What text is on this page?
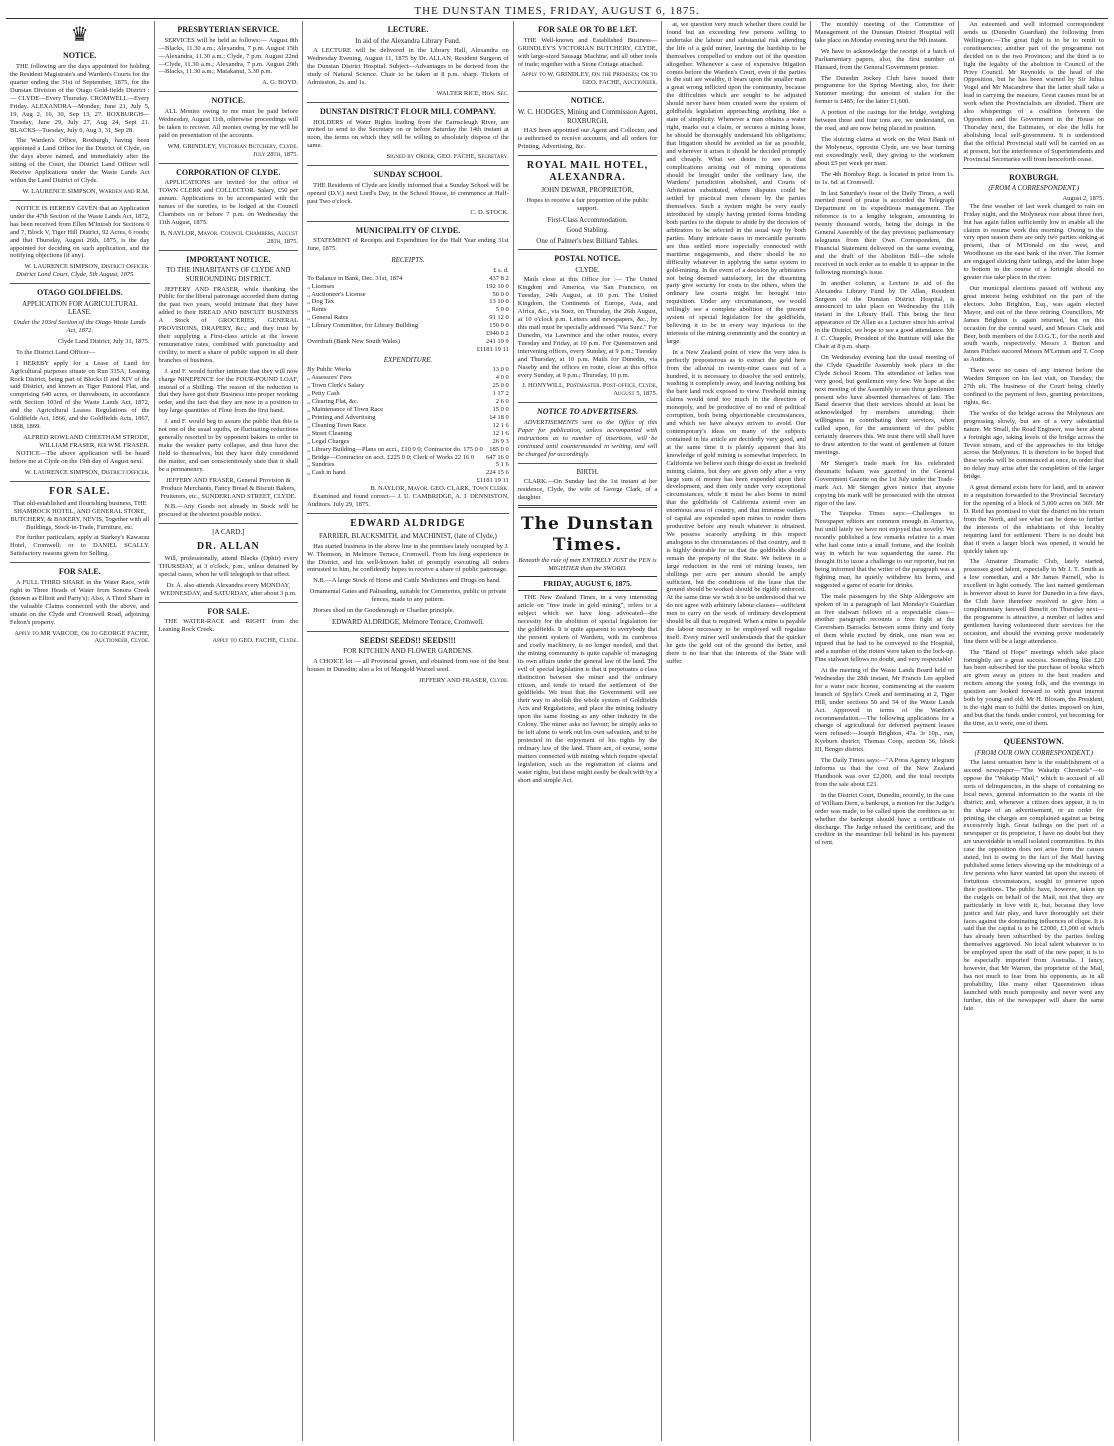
THE DUNSTAN TIMES, FRIDAY, AUGUST 6, 1875.
♛
NOTICE.

THE following are the days appointed for holding the Resident Magistrate's and Warden's Courts for the quarter ending the 31st of September, 1875, for the Dunstan Division of the Otago Gold-fields District :— CLYDE—Every Thursday. CROMWELL—Every Friday. ALEXANDRA—Monday, June 21, July 5, 19, Aug 2, 16, 30, Sep 13, 27. ROXBURGH—Tuesday, June 29, July 27, Aug 24, Sept 21. BLACKS—Tuesday, July 6, Aug 3, 31, Sep 28.

The Warden's Office, Roxburgh, having been appointed a Land Office for the District of Clyde, on the days above named, and immediately after the sitting of the Court, the District Land Officer will Receive Applications under the Waste Lands Act within the Land District of Clyde.

W. LAURENCE SIMPSON, Warden and R.M.

NOTICE IS HEREBY GIVEN that an Application under the 47th Section of the Waste Lands Act, 1872, has been received from Ellen M'Intosh for Sections 6 and 7, Block V, Tiger Hill District, 92 Acres, 6 roods; and that Thursday, August 26th, 1875, is the day appointed for deciding on such application, and the notifying objections (if any).

W. LAURENCE SIMPSON, District Officer.

District Land Court, Clyde, 5th August, 1875.

OTAGO GOLDFIELDS.
APPLICATION FOR AGRICULTURAL LEASE.

Under the 103rd Section of the Otago Waste Lands Act, 1872.

Clyde Land District, July 31, 1875.

To the District Land Officer—

I HEREBY apply for a Lease of Land for Agricultural purposes situate on Run 335A, Leaning Rock District, being part of Blocks II and XIV of the said District, and known as Tiger Pastoral Flat, and comprising 640 acres, or thereabouts, in accordance with Section 103rd of the Waste Lands Act, 1872, and the Agricultural Leases Regulations of the Goldfields Act, 1866, and the Goldfields Acts, 1867, 1868, 1869.

ALFRED ROWLAND CHEETHAM STRODE, WILLIAM FRASER, per WM. FRASER.

NOTICE—The above application will be heard before me at Clyde on the 19th day of August next.

W. LAURENCE SIMPSON, District Officer.
FOR SALE.

That old-established and flourishing business, THE SHAMROCK HOTEL, AND GENERAL STORE, BUTCHERY, & BAKERY, NEVIS, Together with all Buildings, Stock-in-Trade, Furniture, etc.

For further particulars, apply at Starkey's Kawarau Hotel, Cromwell; or to DANIEL SCALLY. Satisfactory reasons given for Selling.

FOR SALE.

A FULL THIRD SHARE in the Water Race, with right to Three Heads of Water from Sonora Creek (known as Elliott and Party's); Also, A Third Share in the valuable Claims connected with the above, and situate on the Clyde and Cromwell Road, adjoining Felton's property.

Apply to MR VARCOE, Or to GEORGE FACHE, Auctioneer, Clyde.
PRESBYTERIAN SERVICE.

SERVICES will be held as follows:— August 8th—Blacks, 11.30 a.m.; Alexandra, 7 p.m. August 15th—Alexandra, 11.30 a.m.; Clyde, 7 p.m. August 22nd—Clyde, 11.30 a.m.; Alexandra, 7 p.m. August 29th—Blacks, 11.30 a.m.; Matakanui, 3.30 p.m.

A. G. BOYD.
NOTICE.

ALL Monies owing to me must be paid before Wednesday, August 11th, otherwise proceedings will be taken to recover. All monies owing by me will be paid on presentation of the accounts.

WM. GRINDLEY, Victorian Butchery, Clyde. July 28th, 1875.
CORPORATION OF CLYDE.

APPLICATIONS are invited for the office of TOWN CLERK and COLLECTOR. Salary, £50 per annum. Applications to be accompanied with the names of the sureties, to be lodged at the Council Chambers on or before 7 p.m. on Wednesday the 11th August, 1875.

B. NAYLOR, Mayor. Council Chambers, August 28th, 1875.
IMPORTANT NOTICE.
TO THE INHABITANTS OF CLYDE AND SURROUNDING DISTRICT.

JEFFERY AND FRASER, while thanking the Public for the liberal patronage accorded them during the past two years, would intimate that they have added to their BREAD AND BISCUIT BUSINESS A Stock of GROCERIES, GENERAL PROVISIONS, DRAPERY, &c.; and they trust by their supplying a First-class article at the lowest remunerative rates, combined with punctuality and civility, to merit a share of public support in all their branches of business.

J. and F. would further intimate that they will now charge NINEPENCE for the FOUR-POUND LOAF, instead of a Shilling. The reason of the reduction is that they have got their Business into proper working order, and the fact that they are now in a position to buy large quantities of Flour from the first hand.

J. and F. would beg to assure the public that this is not one of the usual squibs, or fluctuating reductions generally resorted to by opponent bakers in order to make the weaker party collapse, and thus have the field to themselves, but they have duly considered the matter, and can conscientiously state that it shall be a permanency.

JEFFERY AND FRASER, General Provision & Produce Merchants, Fancy Bread & Biscuit Bakers, Fruiterers, etc., SUNDERLAND STREET, CLYDE.

N.B.—Any Goods not already in Stock will be procured at the shortest possible notice.

[A CARD.]
DR. ALLAN

Will, professionally, attend Blacks (Ophir) every THURSDAY, at 3 o'clock, p.m., unless detained by special cases, when he will telegraph to that effect.

Dr. A. also attends Alexandra every MONDAY, WEDNESDAY, and SATURDAY, after about 3 p.m.

FOR SALE.

THE WATER-RACE and RIGHT from the Leaning Rock Creek.

Apply to GEO. FACHE, Clyde.
LECTURE.
In aid of the Alexandra Library Fund.

A LECTURE will be delivered in the Library Hall, Alexandra on Wednesday Evening, August 11, 1875 by Dr. ALLAN, Resident Surgeon of the Dunstan District Hospital. Subject—Advantages to be derived from the study of Natural Science. Chair to be taken at 8 p.m. sharp. Tickets of Admission, 2s. and 1s.

WALTER RICE, Hon. Sec.
DUNSTAN DISTRICT FLOUR MILL COMPANY.

HOLDERS of Water Rights leading from the Earnscleugh River, are invited to send to the Secretary on or before Saturday the 14th instant at noon, the terms on which they will be willing to absolutely dispose of the same.

Signed by Order, GEO. FACHE, Secretary.
SUNDAY SCHOOL

THE Residents of Clyde are kindly informed that a Sunday School will be opened (D.V.) next Lord's Day, in the School House, to commence at Half-past Two o'clock.

C. D. STOCK.
MUNICIPALITY OF CLYDE.

STATEMENT of Receipts and Expenditure for the Half Year ending 31st June, 1875.

RECEIPTS.
£ s. d.
To Balance in Bank, Dec. 31st, 1874	437 8 2
„ Licenses	192 10 0
„ Auctioneer's License	50 0 0
„ Dog Tax	13 10 0
„ Rents	5 0 0
„ General Rates	91 12 0
„ Library Committee, for Library Building	150 0 0
£940 0 2
Overdraft (Bank New South Wales)	241 19 9
£1181 19 11
EXPENDITURE.
By Public Works	13 0 0
„ Assessors' Fees	4 0 0
„ Town Clerk's Salary	25 0 0
„ Petty Cash	1 17 2
„ Clearing Flat, &c.	2 6 0
„ Maintenance of Town Race	15 0 0
„ Printing and Advertising	14 18 0
„ Cleaning Town Race	12 1 6
„ Street Cleaning	12 1 6
„ Legal Charges	26 9 3
„ Library Building—Plans on acct., £10 0 0; Contractor do. 175 0 0	185 0 0
„ Bridge—Contractor on acct. £225 0 0; Clerk of Works 22 16 0	647 16 0
„ Sundries	5 1 6
„ Cash in hand	224 15 6
£1181 19 11
B. NAYLOR, Mayor. GEO. CLARK, Town Clerk.

Examined and found correct— J. U. CAMBRIDGE, A. J. DENNISTON, Auditors. July 29, 1875.

EDWARD ALDRIDGE
FARRIER, BLACKSMITH, and MACHINIST, (late of Clyde,)

Has started business in the above line in the premises lately occupied by J. W. Thomson, in Melmore Terrace, Cromwell. From his long experience in the District, and his well-known habit of promptly executing all orders entrusted to him, he confidently hopes to receive a share of public patronage.

N.B.—A large Stock of Horse and Cattle Medicines and Drugs on hand.

Ornamental Gates and Palisading, suitable for Cemeteries, public or private fences, made to any pattern.

Horses shod on the Goodenough or Charlier principle.

EDWARD ALDRIDGE, Melmore Terrace, Cromwell.
SEEDS! SEEDS!! SEEDS!!!
FOR KITCHEN AND FLOWER GARDENS.

A CHOICE lot — all Provincial grown, and obtained from one of the best houses in Dunedin; also a lot of Mangold Wurzel seed.

JEFFERY AND FRASER, Clyde.
FOR SALE OR TO BE LET.

THE Well-known and Established Business—GRINDLEY'S VICTORIAN BUTCHERY, CLYDE, with large-sized Sausage Machine, and all other tools of trade; together with a Stone Cottage attached.

Apply to W. GRINDLEY, On the Premises; Or to GEO. FACHE, Auctioneer.
NOTICE.
W. C. HODGES, Mining and Commission Agent, ROXBURGH,

HAS been appointed our Agent and Collector, and is authorised to receive accounts, and all orders for Printing, Advertising, &c.

ROYAL MAIL HOTEL, ALEXANDRA.
JOHN DEWAR, PROPRIETOR,

Hopes to receive a fair proportion of the public support.

First-Class Accommodation.
Good Stabling.
One of Palmer's best Billiard Tables.
POSTAL NOTICE.
CLYDE.

Mails close at this Office for :— The United Kingdom and America, via San Francisco, on Tuesday, 24th August, at 10 p.m. The United Kingdom, the Continents of Europe, Asia, and Africa, &c., via Suez, on Thursday, the 26th August, at 10 o'clock p.m. Letters and newspapers, &c., by this mail must be specially addressed "Via Suez." For Dunedin, via Lawrence and the other routes, every Tuesday and Friday, at 10 p.m. For Queenstown and intervening offices, every Sunday, at 9 p.m.; Tuesday and Thursday, at 10 p.m. Mails for Dunedin, via Naseby and the offices en route, close at this office every Sunday, at 9 p.m.; Thursday, 10 p.m.

J. HONYWILL, Postmaster. Post-office, Clyde, August 5, 1875.
NOTICE TO ADVERTISERS.

ADVERTISEMENTS sent to the Office of this Paper for publication, unless accompanied with instructions as to number of insertions, will be continued until countermanded in writing, and will be charged for accordingly.

BIRTH.

CLARK.—On Sunday last the 1st instant at her residence, Clyde, the wife of George Clark, of a daughter.

The Dunstan Times.
Beneath the rule of men ENTIRELY JUST the PEN is MIGHTIER than the SWORD.
FRIDAY, AUGUST 6, 1875.

THE New Zealand Times, in a very interesting article on "free trade in gold mining", refers to a subject which we have long advocated—the necessity for the abolition of special legislation for the goldfields. It is quite apparent to everybody that the present system of Wardens, with its cumbrous and costly machinery, is no longer needed, and that the mining community is quite capable of managing its own affairs under the general law of the land. The evil of special legislation is that it perpetuates a class distinction between the miner and the ordinary citizen, and tends to retard the settlement of the goldfields. We trust that the Government will see their way to abolish the whole system of Goldfields Acts and Regulations, and place the mining industry upon the same footing as any other industry in the Colony. The miner asks no favour; he simply asks to be left alone to work out his own salvation, and to be protected in the enjoyment of his rights by the ordinary law of the land. There are, of course, some matters connected with mining which require special legislation, such as the registration of claims and water rights, but these might easily be dealt with by a short and simple Act.

at, we question very much whether there could be found but an exceeding few persons willing to undertake the labour and substantial risk attending the life of a gold miner, leaving the hardship to be themselves compelled to endure out of the question altogether. Whenever a case of expensive litigation comes before the Warden's Court, even if the parties to the suit are wealthy, it bears upon the smaller man a great wrong inflicted upon the community, because the difficulties which are sought to be adjusted should never have been created were the system of goldfields legislation approaching anything like a state of simplicity. Whenever a man obtains a water right, marks out a claim, or secures a mining lease, he should be thoroughly understand his obligations; that litigation should be avoided as far as possible, and wherever it arises it should be decided promptly and cheaply. What we desire to see is that complications arising out of mining operations should be brought under the ordinary law, the Wardens' jurisdiction abolished, and Courts of Arbitration substituted, where disputes could be settled by practical men chosen by the parties themselves. Such a system might be very easily introduced by simply having printed forms binding both parties to the dispute to abide by the decision of arbitrators to be selected in the usual way by both parties. Many intricate cases in mercantile pursuits are thus settled more especially connected with maritime engagements, and there should be no difficulty whatever in applying the same system to gold-mining. In the event of a decision by arbitrators not being deemed satisfactory, let the dissenting party give security for costs to the others, when the ordinary law courts might be brought into requisition. Under any circumstances, we would willingly see a complete abolition of the present system of special legislation for the goldfields, believing it to be in every way injurious to the interests of the mining community and the country at large.

In a New Zealand point of view the very idea is perfectly preposterous as to extract the gold here from the alluvial in twenty-nine cases out of a hundred, it is necessary to dissolve the soil entirely, washing it completely away, and leaving nothing but the bare land rock exposed to view. Freehold mining claims would tend too much in the direction of monopoly, and be productive of no end of political corruption, both being objectionable circumstances, and which we have always striven to avoid. Our contemporary's ideas on many of the subjects contained in his article are decidedly very good, and at the same time it is plainly apparent that his knowledge of gold mining is somewhat imperfect. In California we believe such things do exist as freehold mining claims, but they are given only after a very large sum of money has been expended upon their development, and then only under very exceptional circumstances, while it must be also borne in mind that the goldfields of California extend over an enormous area of country, and that immense outlays of capital are expended upon mines to render them productive before any result whatever is obtained. We possess scarcely anything in this respect analogous to the circumstances of that country, and it is highly desirable for us that the goldfields should remain the property of the State. We believe in a large reduction in the rent of mining leases, ten shillings per acre per annum should be amply sufficient, but the conditions of the lease that the ground should be worked should be rigidly enforced. At the same time we wish it to be understood that we do not agree with arbitrary labour clauses—sufficient men to carry on the work of ordinary development should be all that is required. When a mine is payable the labour necessary to be employed will regulate itself. Every miner well understands that the quicker he gets the gold out of the ground the better, and there is no fear that the interests of the State will suffer.

The monthly meeting of the Committee of Management of the Dunstan District Hospital will take place on Monday evening next the 9th instant.

We have to acknowledge the receipt of a batch of Parliamentary papers, also, the first number of Hansard, from the General Government printer.

The Dunedin Jockey Club have issued their programme for the Spring Meeting, also, for their Summer meeting; the amount of stakes for the former is £485; for the latter £1,600.

A portion of the casings for the bridge, weighing between three and four tons are, we understand, on the road, and are now being placed in position.

The sluicing claims at work on the West Bank of the Molyneux, opposite Clyde, are we hear turning out exceedingly well, they giving to the workmen about £5 per week per man.

The 4th Bombay Regt. is located in price from 1s. to 1s. 6d. at Cromwell.

In last Saturday's issue of the Daily Times, a well merited meed of praise is accorded the Telegraph Department on its expeditious management. The reference is to a lengthy telegram, amounting to twenty thousand words, being the doings in the General Assembly of the day previous; parliamentary telegrams from their Own Correspondent, the Financial Statement delivered on the same evening, and the draft of the Abolition Bill—the whole received in such order as to enable it to appear in the following morning's issue.

In another column, a Lecture in aid of the Alexandra Library Fund by Dr Allan, Resident Surgeon of the Dunstan District Hospital, is announced to take place on Wednesday the 11th instant in the Library Hall. This being the first appearance of Dr Allan as a Lecturer since his arrival in the District, we hope to see a good attendance. Mr J. C. Chapple, President of the Institute will take the Chair at 8 p.m. sharp.

On Wednesday evening last the usual meeting of the Clyde Quadrille Assembly took place in the Clyde School Room. The attendance of ladies was very good, but gentlemen very few. We hope at the next meeting of the Assembly to see those gentlemen present who have absented themselves of late. The Band deserve that their services should at least be acknowledged by members attending; their willingness in contributing their services, when called upon, for the amusement of the public certainly deserves this. We trust there will shall have to draw attention to the want of gentlemen at future meetings.

Mr Stenger's trade mark for his celebrated rheumatic balsam was gazetted in the General Government Gazette on the 1st July under the Trade-mark Act. Mr Stenger gives notice that anyone copying his mark will be prosecuted with the utmost rigor of the law.

The Taupeka Times says:—Challenges to Newspaper editors are common enough in America, but until lately we have not enjoyed that novelty. We recently published a few remarks relative to a man who had come into a small fortune, and the foolish way in which he was squandering the same. He thought fit to issue a challenge to our reporter, but on being informed that the writer of the paragraph was a fighting man, he quietly withdrew his horns, and suggested a game of ecarte for drinks.

The male passengers by the Ship Aldergrove are spoken of in a paragraph of last Monday's Guardian as five stalwart fellows of a respectable class—another paragraph recounts a free fight at the Caversham Barracks between some thirty and forty of them while excited by drink, one man was so injured that he had to be conveyed to the Hospital, and a number of the rioters were taken to the lock-up. Fine stalwart fellows no doubt, and very respectable!

At the meeting of the Waste Lands Board held on Wednesday the 28th instant, Mr Francis Lee applied for a water race license, commencing at the eastern branch of Spylie's Creek and terminating at 2, Tiger Hill, under sections 50 and 54 of the Waste Lands Act. Approved in terms of the Warden's recommendation.—The following applications for a change of agricultural for deferred payment leases were refused:—Joseph Brighton, 47a. 3r 10p., run, Kyeburn district; Thomas Coop, section 36, block III, Benger district.

The Daily Times says:—"A Press Agency telegram informs us that the cost of the New Zealand Handbook was over £2,000, and the total receipts from the sale about £23.

In the District Court, Dunedin, recently, in the case of William Dern, a bankrupt, a motion for the Judge's order was made, to be called upon the creditors as to whether the bankrupt should have a certificate of discharge. The Judge refused the certificate, and the creditor in the meantime fell behind in his payment of rent.

An esteemed and well informed correspondent sends us (Dunedin Guardian) the following from Wellington:—The great fight is to be to remit to constituencies; another part of the programme not decided on is the two Provinces; and the third is to fight the legality of the abolition in Council of the Privy Council. Mr Reynolds is the head of the Opposition, but he has been warned by Sir Julius Vogel and Mr Macandrew that the latter shall take a lead in carrying the measure. Great causes must be at work when the Provincialists are divided. There are also whisperings of a coalition between the Opposition and the Government in the House on Thursday next, the Estimates, or else the bills for abolishing local self-government. It is understood that the official Provincial staff will be carried on as at present, but the interference of Superintendents and Provincial Secretaries will from henceforth cease.

ROXBURGH.
(FROM A CORRESPONDENT.)
August 2, 1875.

The fine weather of last week changed to rain on Friday night, and the Molyneux rose about three feet, but has again fallen sufficiently low to enable all the claims to resume work this morning. Owing to the very open season there are only two parties sinking at present, that of M'Donald on the west, and Woodhouse on the east bank of the river. The former are engaged sluicing their tailings, and the latter hope to bottom in the course of a fortnight should no greater rise take place in the river.

Our municipal elections passed off without any great interest being exhibited on the part of the electors. John Brighton, Esq., was again elected Mayor, and out of the three retiring Councillors, Mr James Brighton is again returned, but on this occasion for the central ward, and Messrs Clark and Beer, both members of the I.O.G.T., for the north and south wards, respectively. Messrs J. Burton and James Pitches succeed Messrs M'Lennan and T. Coop as Auditors.

There were no cases of any interest before the Warden Simpson on his last visit, on Tuesday, the 27th ult. The business of the Court being chiefly confined to the payment of fees, granting protections, rights, &c.

The works of the bridge across the Molyneux are progressing slowly, but are of a very substantial nature. Mr Small, the Road Engineer, was here about a fortnight ago, taking levels of the bridge across the Teviot stream, and of the approaches to the bridge across the Molyneux. It is therefore to be hoped that these works will be commenced at once, in order that no delay may arise after the completion of the larger bridge.

A great demand exists here for land, and in answer to a requisition forwarded to the Provincial Secretary for the opening of a block of 5,000 acres on 369. Mr D. Reid has promised to visit the district on his return from the North, and see what can be done to further the interests of the inhabitants of this locality requiring land for settlement. There is no doubt but that if even a larger block was opened, it would be quickly taken up.

The Amateur Dramatic Club, lately started, possesses good talent, especially in Mr J. T. Smith as a low comedian, and a Mr James Parnell, who is excellent in light comedy. The last named gentleman is however about to leave for Dunedin in a few days, the Club have therefore resolved to give him a complimentary farewell Benefit on Thursday next—the programme is attractive, a number of ladies and gentlemen having volunteered their services for the occasion, and should the evening prove moderately fine there will be a large attendance.

The "Band of Hope" meetings which take place fortnightly are a great success. Something like £20 has been subscribed for the purchase of books which are given away as prizes to the best readers and reciters among the young folk, and the evenings in question are looked forward to with great interest both by young and old. Mr H. Bloxam, the President, is the right man to fulfil the duties imposed on him, and but that the funds under control, yet becoming for the time, as it were, one of them.

QUEENSTOWN.
(FROM OUR OWN CORRESPONDENT.)

The latest sensation here is the establishment of a second newspaper—"The Wakatip Chronicle"—to oppose the "Wakatip Mail," which is accused of all sorts of delinquencies, in the shape of containing no local news, general information to the wants of the district; and, whenever a citizen does appear, it is in the shape of an advertisement, or an order for printing, the charges are complained against as being excessively high. Great failings on the part of a newspaper or its proprietor, I have no doubt but they are unavoidable in small isolated communities. In this case the opposition does not arise from the causes stated, but is owing to the fact of the Mail having published some letters showing up the misdoings of a few persons who have wanted fat upon the sweets of fortuitous circumstances, sought to preserve upon their positions. The public have, however, taken up the cudgels on behalf of the Mail, not that they are particularly in love with it, but, because they love justice and fair play, and have thoroughly set their faces against the dominating influences of clique. It is said that the capital is to be £2000, £1,000 of which has already been subscribed by the parties feeling themselves aggrieved. No local talent whatever is to be employed upon the staff of the new paper, it is to be especially imported from Australia. I fancy, however, that Mr Warren, the proprietor of the Mail, has not much to fear from his opponents, as in all probability, like many other Queenstown ideas launched with much pomposity and never went any further, this of the newspaper will share the same fate.
